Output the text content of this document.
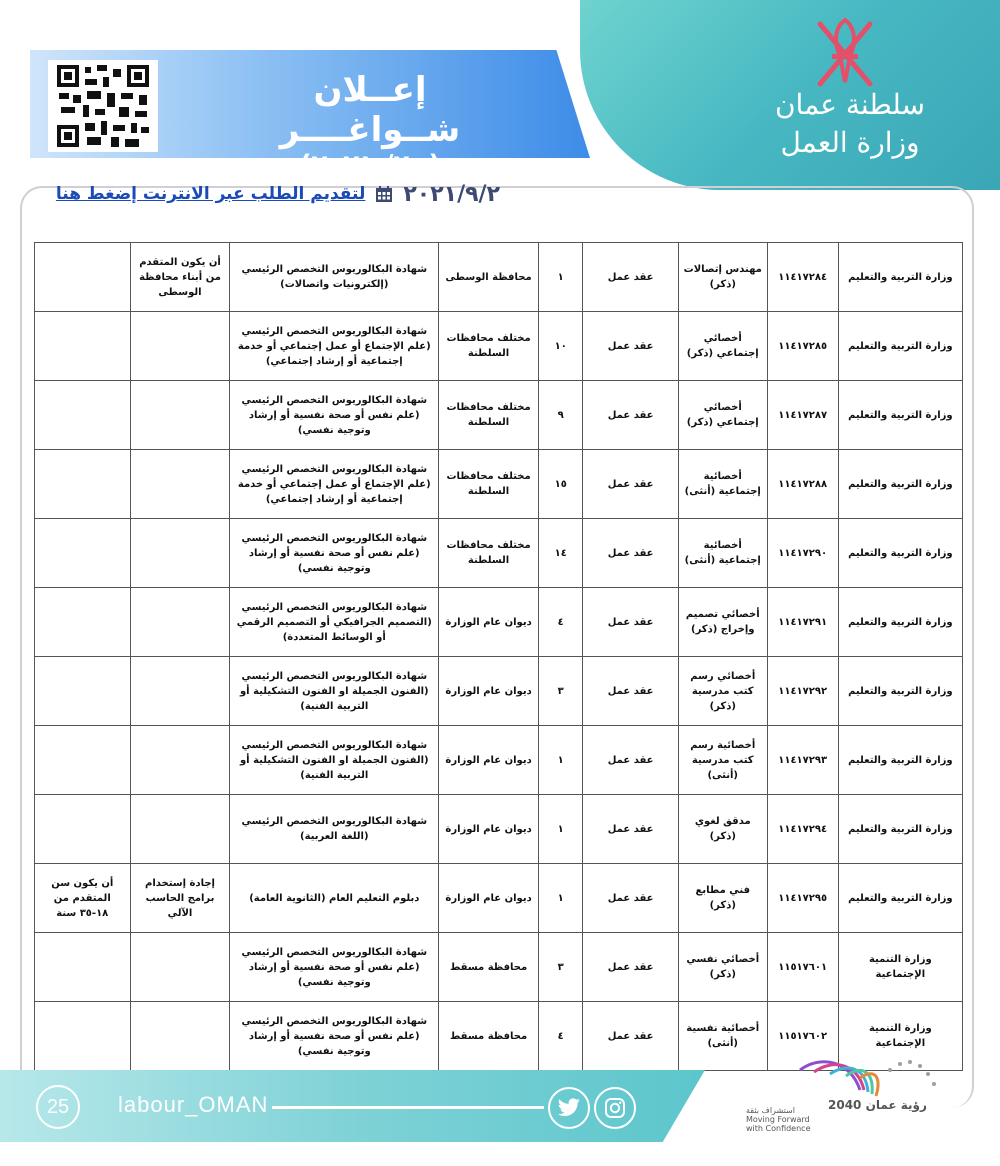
إعــلان شــواغــــر
(م٧/ ٢٠٢١)
سلطنة عمان
وزارة العمل
٢٠٢١/٩/٢
لتقديم الطلب عبر الانترنت إضغط هنا
وزارة التربية والتعليم	١١٤١٧٢٨٤	مهندس إتصالات (ذكر)	عقد عمل	١	محافظة الوسطى	شهادة البكالوريوس التخصص الرئيسي (إلكترونيات واتصالات)	أن يكون المتقدم من أبناء محافظة الوسطى	
وزارة التربية والتعليم	١١٤١٧٢٨٥	أخصائي إجتماعي (ذكر)	عقد عمل	١٠	مختلف محافظات السلطنة	شهادة البكالوريوس التخصص الرئيسي (علم الإجتماع أو عمل إجتماعي أو خدمة إجتماعية أو إرشاد إجتماعي)		
وزارة التربية والتعليم	١١٤١٧٢٨٧	أخصائي إجتماعي (ذكر)	عقد عمل	٩	مختلف محافظات السلطنة	شهادة البكالوريوس التخصص الرئيسي (علم نفس أو صحة نفسية أو إرشاد وتوجية نفسي)		
وزارة التربية والتعليم	١١٤١٧٢٨٨	أخصائية إجتماعية (أنثى)	عقد عمل	١٥	مختلف محافظات السلطنة	شهادة البكالوريوس التخصص الرئيسي (علم الإجتماع أو عمل إجتماعي أو خدمة إجتماعية أو إرشاد إجتماعي)		
وزارة التربية والتعليم	١١٤١٧٢٩٠	أخصائية إجتماعية (أنثى)	عقد عمل	١٤	مختلف محافظات السلطنة	شهادة البكالوريوس التخصص الرئيسي (علم نفس أو صحة نفسية أو إرشاد وتوجية نفسي)		
وزارة التربية والتعليم	١١٤١٧٢٩١	أخصائي تصميم وإخراج (ذكر)	عقد عمل	٤	ديوان عام الوزارة	شهادة البكالوريوس التخصص الرئيسي (التصميم الجرافيكي أو التصميم الرقمي أو الوسائط المتعددة)		
وزارة التربية والتعليم	١١٤١٧٢٩٢	أخصائي رسم كتب مدرسية (ذكر)	عقد عمل	٣	ديوان عام الوزارة	شهادة البكالوريوس التخصص الرئيسي (الفنون الجميلة او الفنون التشكيلية أو التربية الفنية)		
وزارة التربية والتعليم	١١٤١٧٢٩٣	أخصائية رسم كتب مدرسية (أنثى)	عقد عمل	١	ديوان عام الوزارة	شهادة البكالوريوس التخصص الرئيسي (الفنون الجميلة او الفنون التشكيلية أو التربية الفنية)		
وزارة التربية والتعليم	١١٤١٧٢٩٤	مدقق لغوي (ذكر)	عقد عمل	١	ديوان عام الوزارة	شهادة البكالوريوس التخصص الرئيسي (اللغة العربية)		
وزارة التربية والتعليم	١١٤١٧٢٩٥	فني مطابع (ذكر)	عقد عمل	١	ديوان عام الوزارة	دبلوم التعليم العام (الثانوية العامة)	إجادة إستخدام برامج الحاسب الآلي	أن يكون سن المتقدم من ١٨-٣٥ سنة
وزارة التنمية الإجتماعية	١١٥١٧٦٠١	أخصائي نفسي (ذكر)	عقد عمل	٣	محافظة مسقط	شهادة البكالوريوس التخصص الرئيسي (علم نفس أو صحة نفسية أو إرشاد وتوجية نفسي)		
وزارة التنمية الإجتماعية	١١٥١٧٦٠٢	أخصائية نفسية (أنثى)	عقد عمل	٤	محافظة مسقط	شهادة البكالوريوس التخصص الرئيسي (علم نفس أو صحة نفسية أو إرشاد وتوجية نفسي)		
25	labour_OMAN	استشراف بثقة Moving Forward with Confidence
رؤية عمان 2040
